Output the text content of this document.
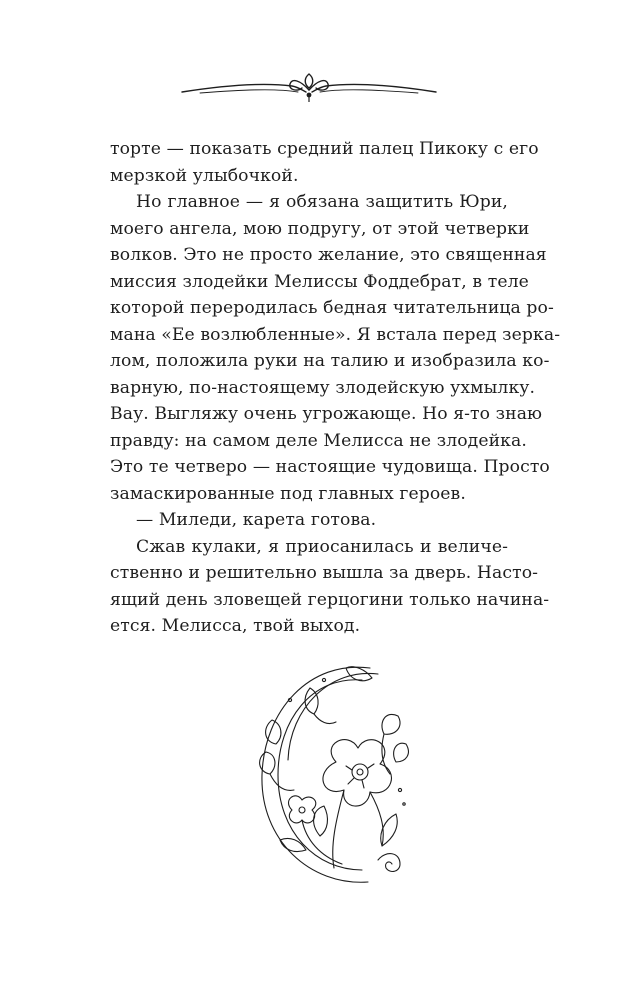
торте — показать средний палец Пикоку с его
мерзкой улыбочкой.

Но главное — я обязана защитить Юри,
моего ангела, мою подругу, от этой четверки
волков. Это не просто желание, это священная
миссия злодейки Мелиссы Фоддебрат, в теле
которой переродилась бедная читательница ро-
мана «Ее возлюбленные». Я встала перед зерка-
лом, положила руки на талию и изобразила ко-
варную, по-настоящему злодейскую ухмылку.
Вау. Выгляжу очень угрожающе. Но я-то знаю
правду: на самом деле Мелисса не злодейка.
Это те четверо — настоящие чудовища. Просто
замаскированные под главных героев.

— Миледи, карета готова.

Сжав кулаки, я приосанилась и величе-
ственно и решительно вышла за дверь. Насто-
ящий день зловещей герцогини только начина-
ется. Мелисса, твой выход.
